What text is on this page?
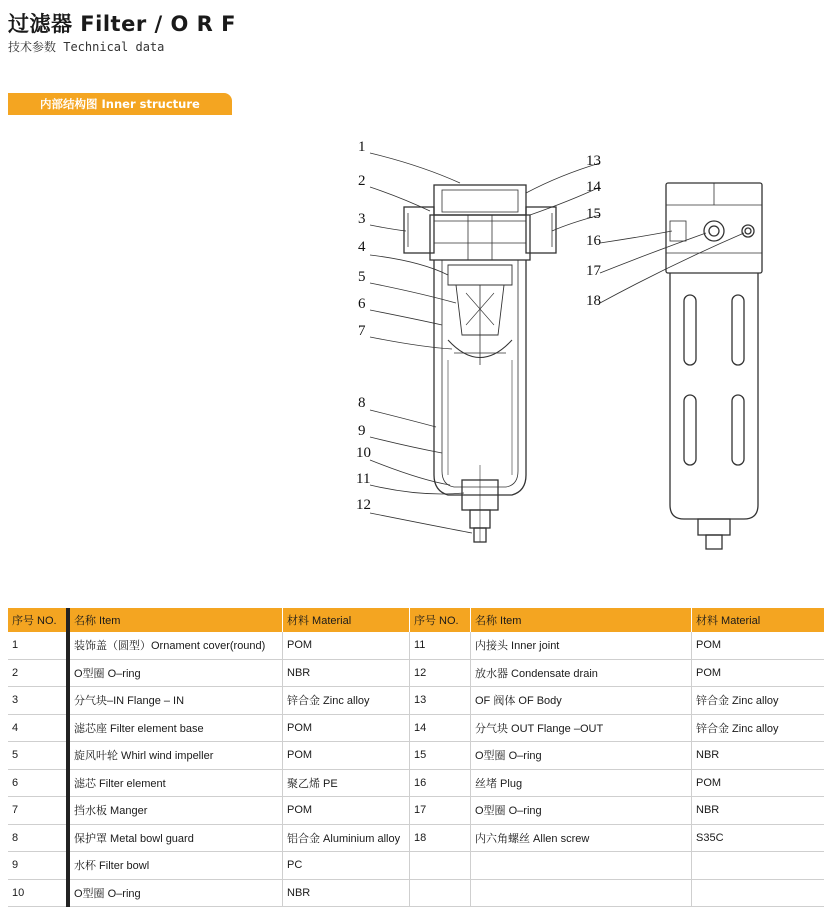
过滤器 Filter / O R F
技术参数 Technical data
内部结构图 Inner structure
1
2
3
4
5
6
7
8
9
10
11
12
13
14
15
16
17
18
序号 NO.	名称 Item	材料 Material	序号 NO.	名称 Item	材料 Material
1	装饰盖（圆型）Ornament cover(round)	POM	11	内接头 Inner joint	POM
2	O型圈 O–ring	NBR	12	放水器 Condensate drain	POM
3	分气块–IN Flange – IN	锌合金 Zinc alloy	13	OF 阀体 OF Body	锌合金 Zinc alloy
4	滤芯座 Filter element base	POM	14	分气块 OUT Flange –OUT	锌合金 Zinc alloy
5	旋风叶轮 Whirl wind impeller	POM	15	O型圈 O–ring	NBR
6	滤芯 Filter element	聚乙烯 PE	16	丝堵 Plug	POM
7	挡水板 Manger	POM	17	O型圈 O–ring	NBR
8	保护罩 Metal bowl guard	铝合金 Aluminium alloy	18	内六角螺丝 Allen screw	S35C
9	水杯 Filter bowl	PC			
10	O型圈 O–ring	NBR			
